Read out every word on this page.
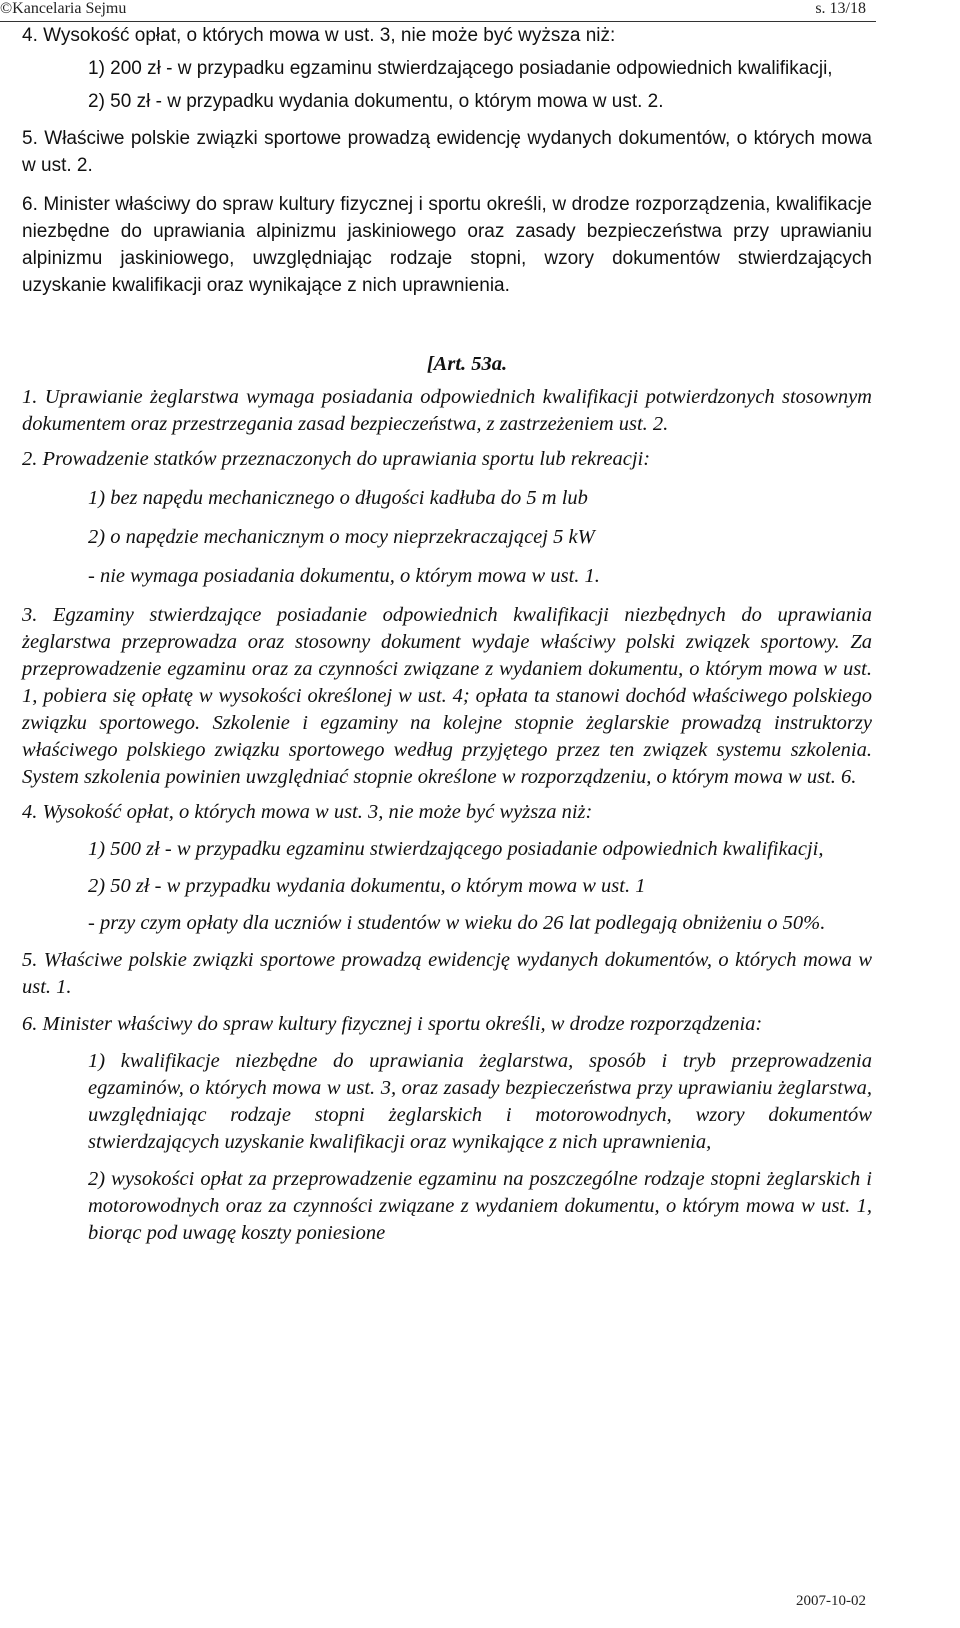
©Kancelaria Sejmu	s. 13/18

4. Wysokość opłat, o których mowa w ust. 3, nie może być wyższa niż:

1) 200 zł - w przypadku egzaminu stwierdzającego posiadanie odpowiednich kwalifikacji,

2) 50 zł - w przypadku wydania dokumentu, o którym mowa w ust. 2.

5. Właściwe polskie związki sportowe prowadzą ewidencję wydanych dokumentów, o których mowa w ust. 2.

6. Minister właściwy do spraw kultury fizycznej i sportu określi, w drodze rozporządzenia, kwalifikacje niezbędne do uprawiania alpinizmu jaskiniowego oraz zasady bezpieczeństwa przy uprawianiu alpinizmu jaskiniowego, uwzględniając rodzaje stopni, wzory dokumentów stwierdzających uzyskanie kwalifikacji oraz wynikające z nich uprawnienia.

[Art. 53a.

1. Uprawianie żeglarstwa wymaga posiadania odpowiednich kwalifikacji potwierdzonych stosownym dokumentem oraz przestrzegania zasad bezpieczeństwa, z zastrzeżeniem ust. 2.

2. Prowadzenie statków przeznaczonych do uprawiania sportu lub rekreacji:

1) bez napędu mechanicznego o długości kadłuba do 5 m lub

2) o napędzie mechanicznym o mocy nieprzekraczającej 5 kW

- nie wymaga posiadania dokumentu, o którym mowa w ust. 1.

3. Egzaminy stwierdzające posiadanie odpowiednich kwalifikacji niezbędnych do uprawiania żeglarstwa przeprowadza oraz stosowny dokument wydaje właściwy polski związek sportowy. Za przeprowadzenie egzaminu oraz za czynności związane z wydaniem dokumentu, o którym mowa w ust. 1, pobiera się opłatę w wysokości określonej w ust. 4; opłata ta stanowi dochód właściwego polskiego związku sportowego. Szkolenie i egzaminy na kolejne stopnie żeglarskie prowadzą instruktorzy właściwego polskiego związku sportowego według przyjętego przez ten związek systemu szkolenia. System szkolenia powinien uwzględniać stopnie określone w rozporządzeniu, o którym mowa w ust. 6.

4. Wysokość opłat, o których mowa w ust. 3, nie może być wyższa niż:

1) 500 zł - w przypadku egzaminu stwierdzającego posiadanie odpowiednich kwalifikacji,

2) 50 zł - w przypadku wydania dokumentu, o którym mowa w ust. 1

- przy czym opłaty dla uczniów i studentów w wieku do 26 lat podlegają obniżeniu o 50%.

5. Właściwe polskie związki sportowe prowadzą ewidencję wydanych dokumentów, o których mowa w ust. 1.

6. Minister właściwy do spraw kultury fizycznej i sportu określi, w drodze rozporządzenia:

1) kwalifikacje niezbędne do uprawiania żeglarstwa, sposób i tryb przeprowadzenia egzaminów, o których mowa w ust. 3, oraz zasady bezpieczeństwa przy uprawianiu żeglarstwa, uwzględniając rodzaje stopni żeglarskich i motorowodnych, wzory dokumentów stwierdzających uzyskanie kwalifikacji oraz wynikające z nich uprawnienia,

2) wysokości opłat za przeprowadzenie egzaminu na poszczególne rodzaje stopni żeglarskich i motorowodnych oraz za czynności związane z wydaniem dokumentu, o którym mowa w ust. 1, biorąc pod uwagę koszty poniesione

2007-10-02
